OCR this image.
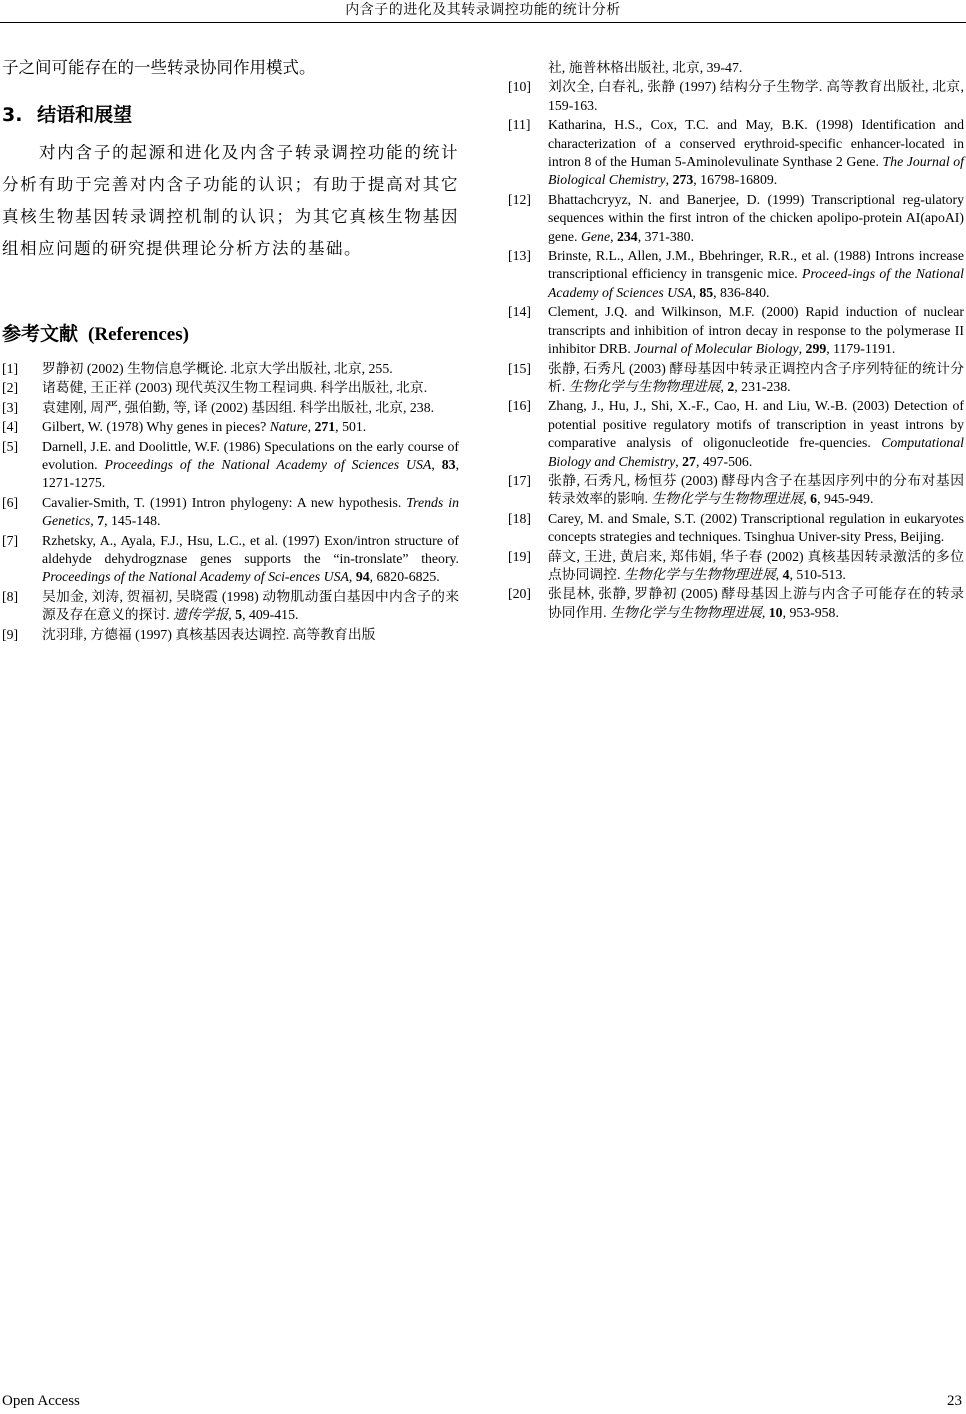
内含子的进化及其转录调控功能的统计分析

子之间可能存在的一些转录协同作用模式。

3. 结语和展望

对内含子的起源和进化及内含子转录调控功能的统计分析有助于完善对内含子功能的认识；有助于提高对其它真核生物基因转录调控机制的认识；为其它真核生物基因组相应问题的研究提供理论分析方法的基础。

参考文献 (References)
[1]	罗静初 (2002) 生物信息学概论. 北京大学出版社, 北京, 255.
[2]	诸葛健, 王正祥 (2003) 现代英汉生物工程词典. 科学出版社, 北京.
[3]	袁建刚, 周严, 强伯勤, 等, 译 (2002) 基因组. 科学出版社, 北京, 238.
[4]	Gilbert, W. (1978) Why genes in pieces? Nature, 271, 501.
[5]	Darnell, J.E. and Doolittle, W.F. (1986) Speculations on the early course of evolution. Proceedings of the National Academy of Sciences USA, 83, 1271-1275.
[6]	Cavalier-Smith, T. (1991) Intron phylogeny: A new hypothesis. Trends in Genetics, 7, 145-148.
[7]	Rzhetsky, A., Ayala, F.J., Hsu, L.C., et al. (1997) Exon/intron structure of aldehyde dehydrogznase genes supports the “in-tronslate” theory. Proceedings of the National Academy of Sci-ences USA, 94, 6820-6825.
[8]	吴加金, 刘涛, 贺福初, 吴晓霞 (1998) 动物肌动蛋白基因中内含子的来源及存在意义的探讨. 遗传学报, 5, 409-415.
[9]	沈羽琲, 方德福 (1997) 真核基因表达调控. 高等教育出版
社, 施普林格出版社, 北京, 39-47.
[10]	刘次全, 白春礼, 张静 (1997) 结构分子生物学. 高等教育出版社, 北京, 159-163.
[11]	Katharina, H.S., Cox, T.C. and May, B.K. (1998) Identification and characterization of a conserved erythroid-specific enhancer-located in intron 8 of the Human 5-Aminolevulinate Synthase 2 Gene. The Journal of Biological Chemistry, 273, 16798-16809.
[12]	Bhattachcryyz, N. and Banerjee, D. (1999) Transcriptional reg-ulatory sequences within the first intron of the chicken apolipo-protein AI(apoAI) gene. Gene, 234, 371-380.
[13]	Brinste, R.L., Allen, J.M., Bbehringer, R.R., et al. (1988) Introns increase transcriptional efficiency in transgenic mice. Proceed-ings of the National Academy of Sciences USA, 85, 836-840.
[14]	Clement, J.Q. and Wilkinson, M.F. (2000) Rapid induction of nuclear transcripts and inhibition of intron decay in response to the polymerase II inhibitor DRB. Journal of Molecular Biology, 299, 1179-1191.
[15]	张静, 石秀凡 (2003) 酵母基因中转录正调控内含子序列特征的统计分析. 生物化学与生物物理进展, 2, 231-238.
[16]	Zhang, J., Hu, J., Shi, X.-F., Cao, H. and Liu, W.-B. (2003) Detection of potential positive regulatory motifs of transcription in yeast introns by comparative analysis of oligonucleotide fre-quencies. Computational Biology and Chemistry, 27, 497-506.
[17]	张静, 石秀凡, 杨恒芬 (2003) 酵母内含子在基因序列中的分布对基因转录效率的影响. 生物化学与生物物理进展, 6, 945-949.
[18]	Carey, M. and Smale, S.T. (2002) Transcriptional regulation in eukaryotes concepts strategies and techniques. Tsinghua Univer-sity Press, Beijing.
[19]	薛文, 王进, 黄启来, 郑伟娟, 华子春 (2002) 真核基因转录激活的多位点协同调控. 生物化学与生物物理进展, 4, 510-513.
[20]	张昆林, 张静, 罗静初 (2005) 酵母基因上游与内含子可能存在的转录协同作用. 生物化学与生物物理进展, 10, 953-958.
Open Access	23
